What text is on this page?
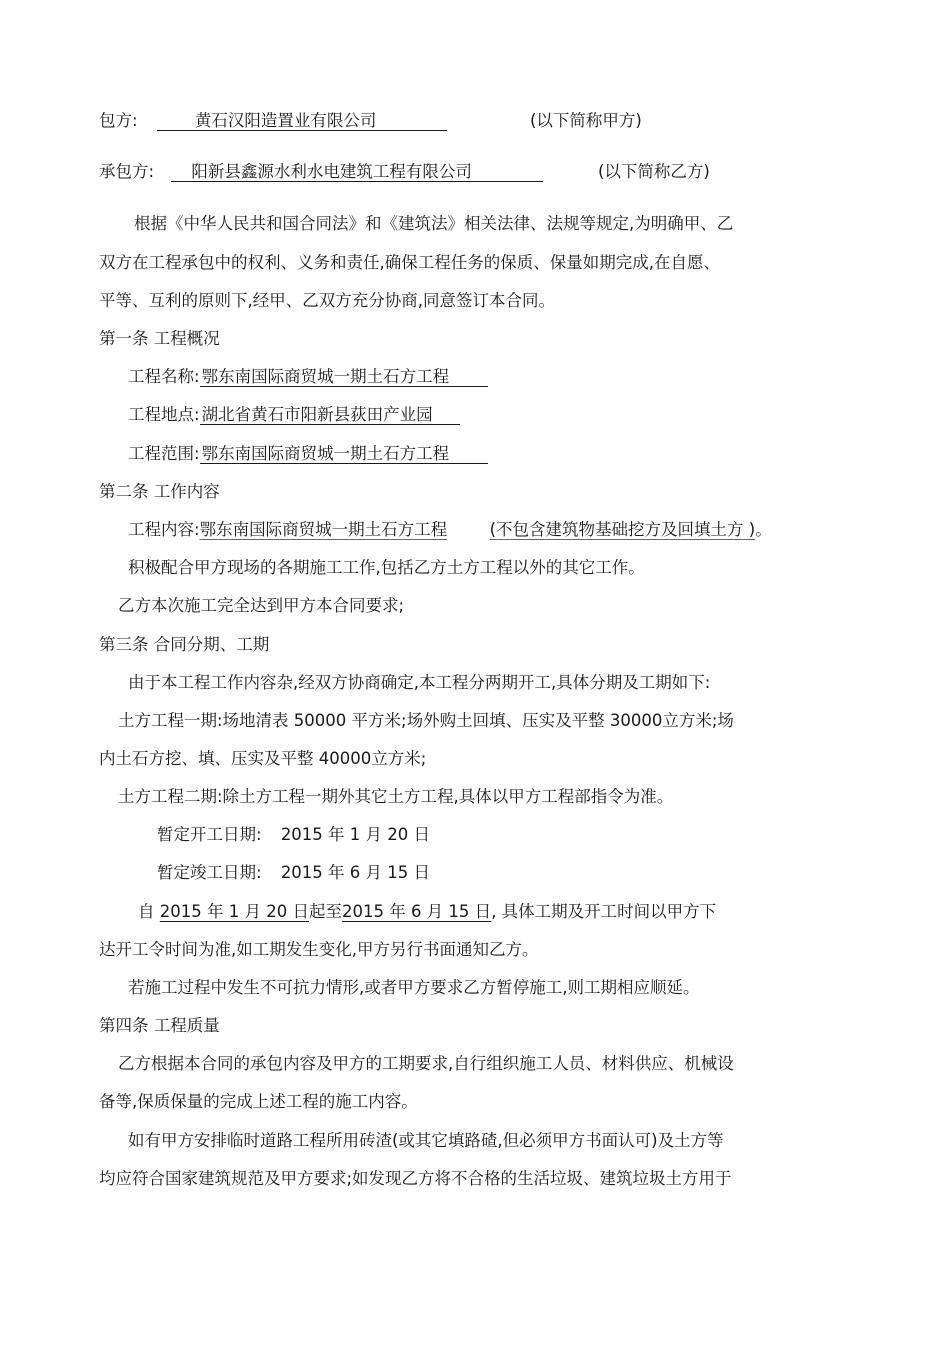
包方:	黄石汉阳造置业有限公司	(以下简称甲方)
承包方: 阳新县鑫源水利水电建筑工程有限公司	(以下简称乙方)
根据《中华人民共和国合同法》和《建筑法》相关法律、法规等规定,为明确甲、乙
双方在工程承包中的权利、义务和责任,确保工程任务的保质、保量如期完成,在自愿、
平等、互利的原则下,经甲、乙双方充分协商,同意签订本合同。
第一条 工程概况
工程名称: 鄂东南国际商贸城一期土石方工程
工程地点: 湖北省黄石市阳新县荻田产业园
工程范围: 鄂东南国际商贸城一期土石方工程
第二条 工作内容
工程内容:鄂东南国际商贸城一期土石方工程	(不包含建筑物基础挖方及回填土方 )。
积极配合甲方现场的各期施工工作,包括乙方土方工程以外的其它工作。
乙方本次施工完全达到甲方本合同要求;
第三条 合同分期、工期
由于本工程工作内容杂,经双方协商确定,本工程分两期开工,具体分期及工期如下:
土方工程一期:场地清表 50000 平方米;场外购土回填、压实及平整 30000立方米;场
内土石方挖、填、压实及平整 40000立方米;
土方工程二期:除土方工程一期外其它土方工程,具体以甲方工程部指令为准。
暂定开工日期: 2015 年 1 月 20 日
暂定竣工日期: 2015 年 6 月 15 日
自 2015 年 1 月 20 日起至2015 年 6 月 15 日, 具体工期及开工时间以甲方下
达开工令时间为准,如工期发生变化,甲方另行书面通知乙方。
若施工过程中发生不可抗力情形,或者甲方要求乙方暂停施工,则工期相应顺延。
第四条 工程质量
乙方根据本合同的承包内容及甲方的工期要求,自行组织施工人员、材料供应、机械设
备等,保质保量的完成上述工程的施工内容。
如有甲方安排临时道路工程所用砖渣(或其它填路碴,但必须甲方书面认可)及土方等
均应符合国家建筑规范及甲方要求;如发现乙方将不合格的生活垃圾、建筑垃圾土方用于
